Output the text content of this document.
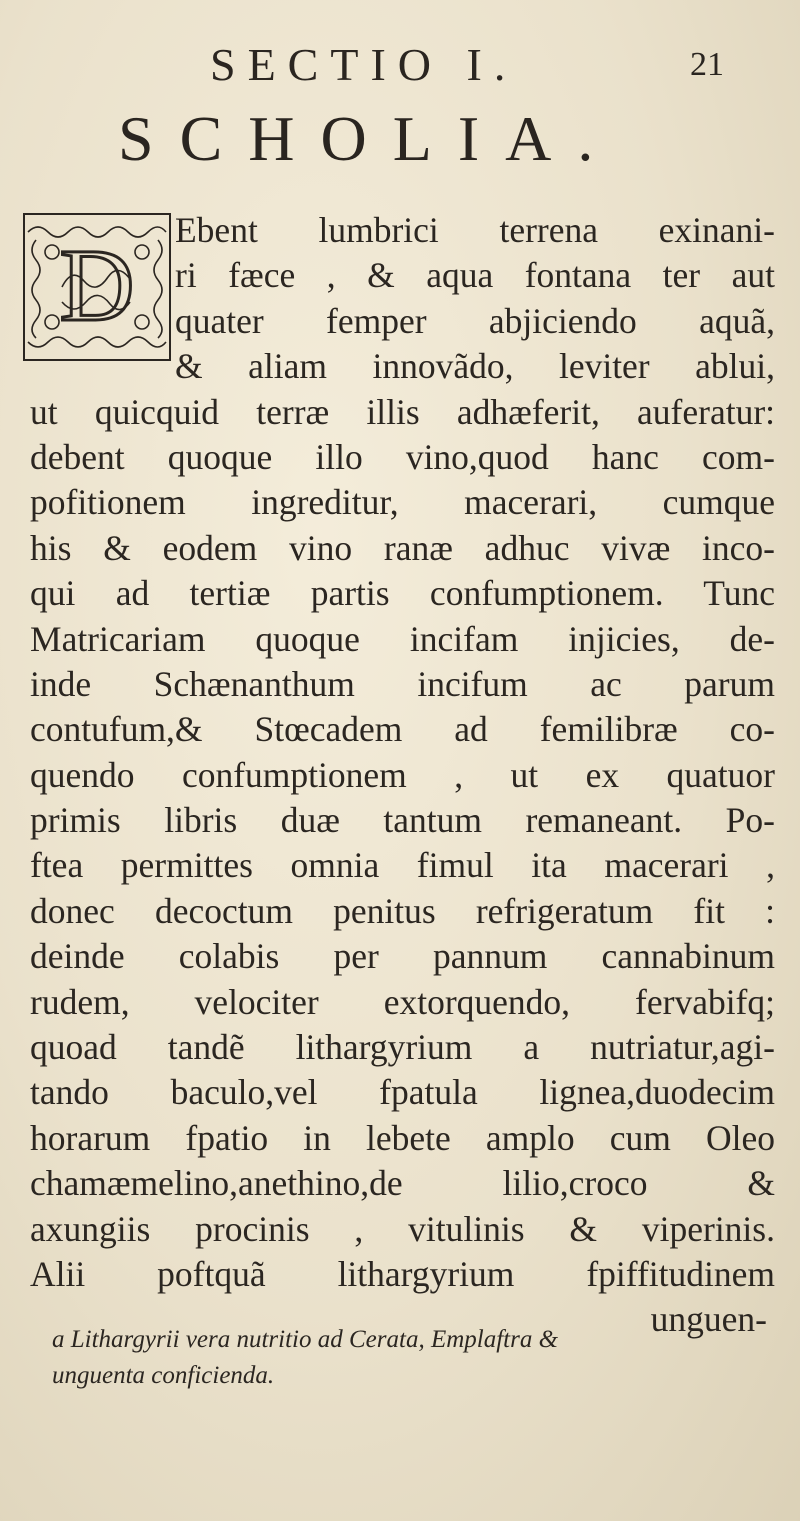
SECTIO I.	21
SCHOLIA.
D	Ebent lumbrici terrena exinani-
ri fæce , & aqua fontana ter aut
quater femper abjiciendo aquã,
& aliam innovãdo, leviter ablui,
ut quicquid terræ illis adhæferit, auferatur:
debent quoque illo vino,quod hanc com-
pofitionem ingreditur, macerari, cumque
his & eodem vino ranæ adhuc vivæ inco-
qui ad tertiæ partis confumptionem. Tunc
Matricariam quoque incifam injicies, de-
inde Schænanthum incifum ac parum
contufum,& Stœcadem ad femilibræ co-
quendo confumptionem , ut ex quatuor
primis libris duæ tantum remaneant. Po-
ftea permittes omnia fimul ita macerari ,
donec decoctum penitus refrigeratum fit :
deinde colabis per pannum cannabinum
rudem, velociter extorquendo, fervabifq;
quoad tandẽ lithargyrium a nutriatur,agi-
tando baculo,vel fpatula lignea,duodecim
horarum fpatio in lebete amplo cum Oleo
chamæmelino,anethino,de lilio,croco &
axungiis procinis , vitulinis & viperinis.
Alii poftquã lithargyrium fpiffitudinem
unguen-
a Lithargyrii vera nutritio ad Cerata, Emplaftra &
unguenta conficienda.
